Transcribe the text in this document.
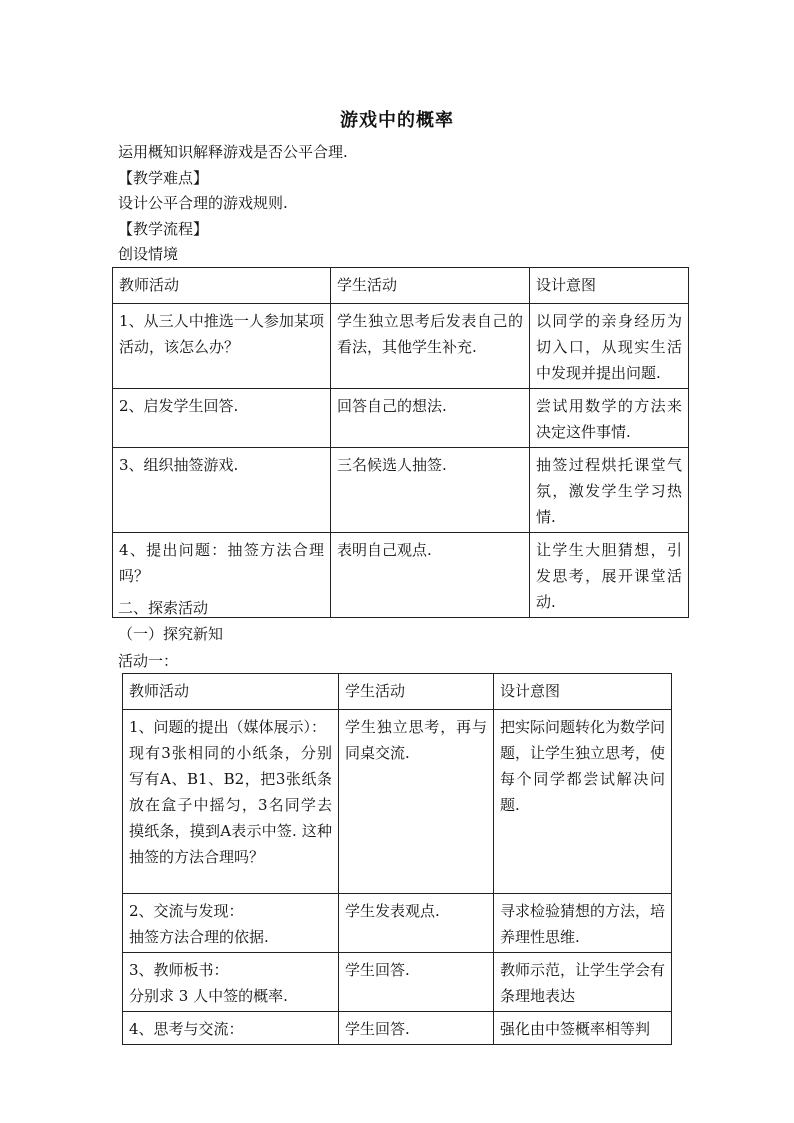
游戏中的概率
运用概知识解释游戏是否公平合理.
【教学难点】
设计公平合理的游戏规则.
【教学流程】
创设情境
教师活动	学生活动	设计意图
1、从三人中推选一人参加某项活动，该怎么办？	学生独立思考后发表自己的看法，其他学生补充.	以同学的亲身经历为切入口，从现实生活中发现并提出问题.
2、启发学生回答.	回答自己的想法.	尝试用数学的方法来决定这件事情.
3、组织抽签游戏.	三名候选人抽签.	抽签过程烘托课堂气氛，激发学生学习热情.
4、提出问题：抽签方法合理吗？	表明自己观点.	让学生大胆猜想，引发思考，展开课堂活动.
二、探索活动
（一）探究新知
活动一：
教师活动	学生活动	设计意图
1、问题的提出（媒体展示）：
现有3张相同的小纸条，分别写有A、B1、B2，把3张纸条放在盒子中摇匀，3名同学去摸纸条，摸到A表示中签. 这种抽签的方法合理吗？	学生独立思考，再与同桌交流.	把实际问题转化为数学问题，让学生独立思考，使每个同学都尝试解决问题.
2、交流与发现：
抽签方法合理的依据.	学生发表观点.	寻求检验猜想的方法，培养理性思维.
3、教师板书：
分别求 3 人中签的概率.	学生回答.	教师示范，让学生学会有条理地表达
4、思考与交流：	学生回答.	强化由中签概率相等判
